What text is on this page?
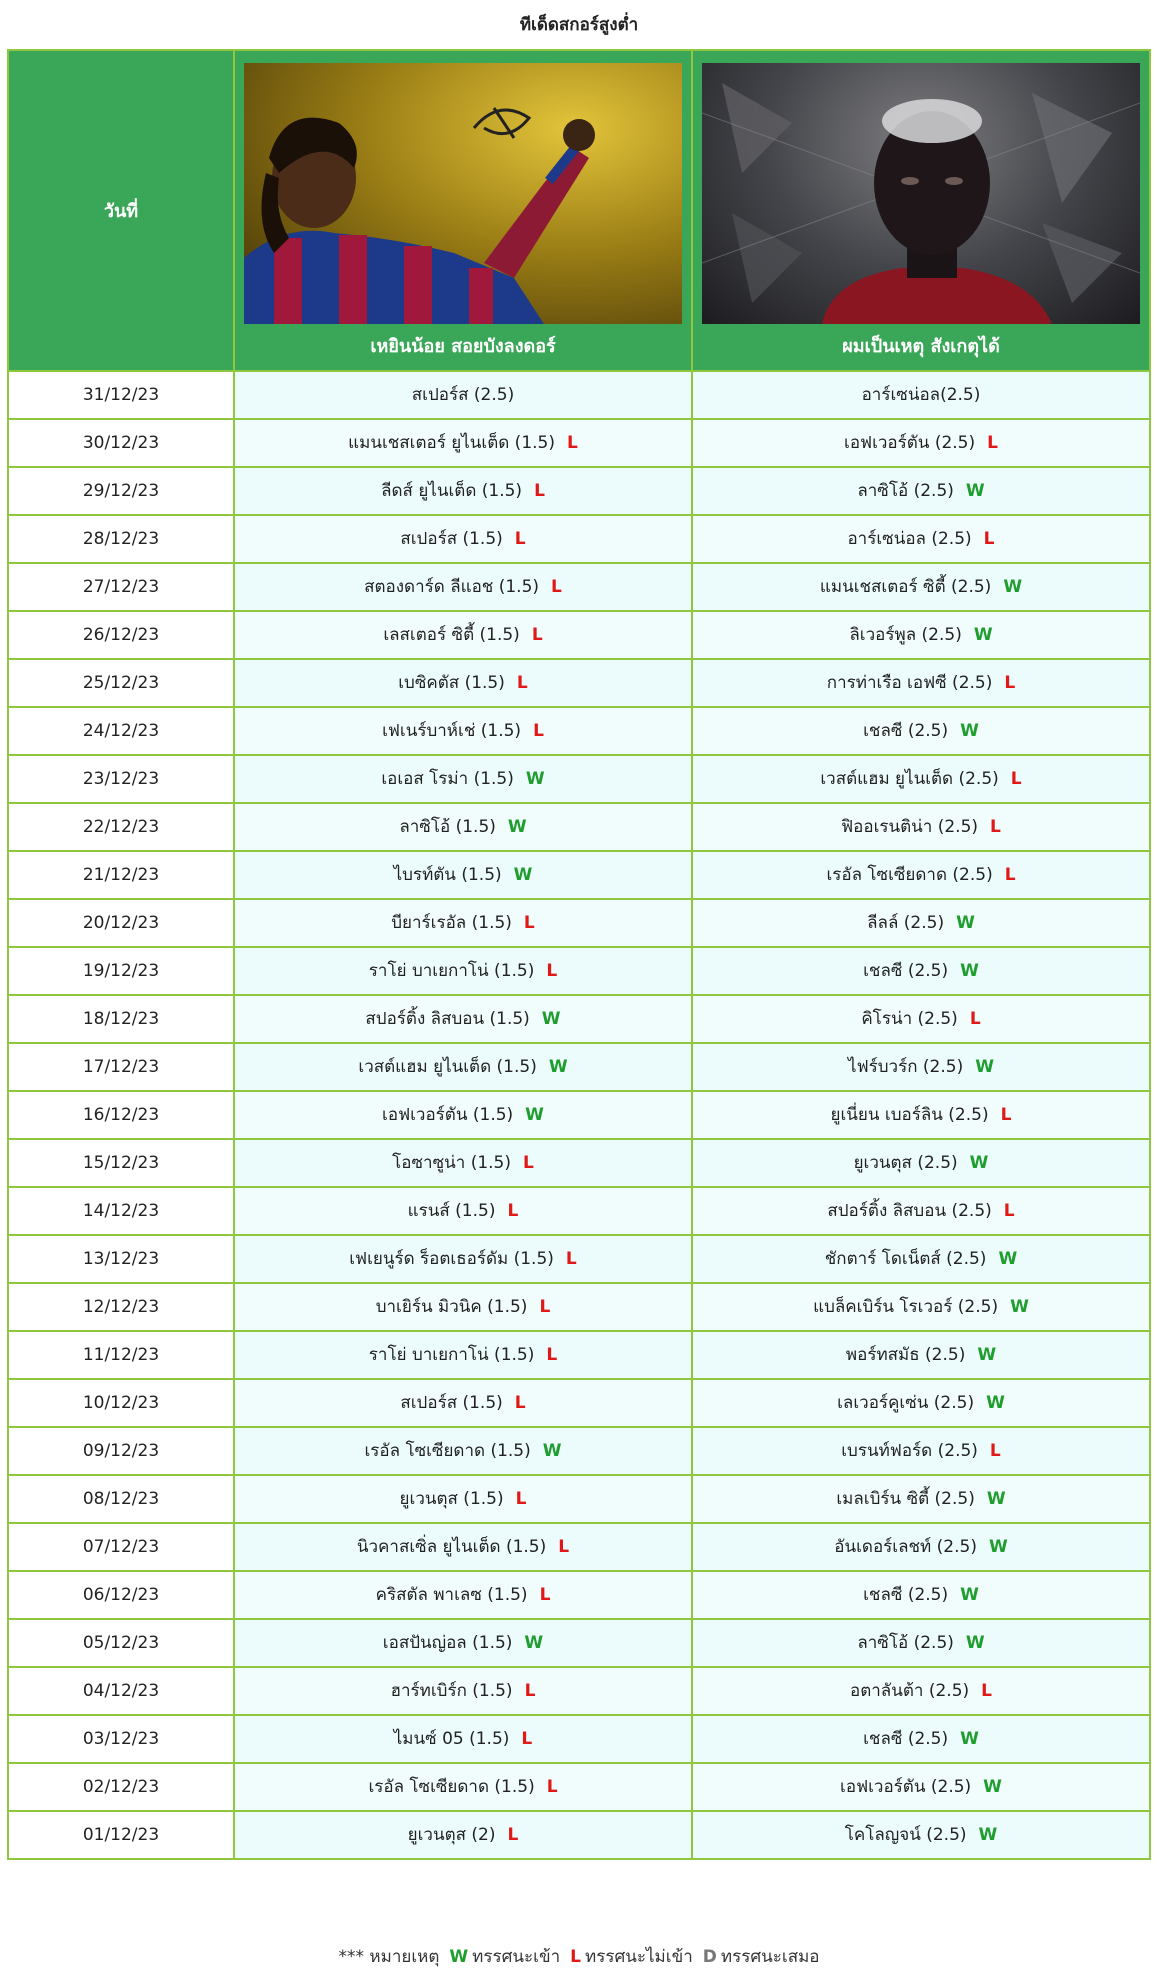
ทีเด็ดสกอร์สูงต่ำ
วันที่	เหยินน้อย สอยบังลงดอร์	ผมเป็นเหตุ สังเกตุได้

31/12/23	สเปอร์ส (2.5)	อาร์เซน่อล(2.5)
30/12/23	แมนเชสเตอร์ ยูไนเต็ด (1.5) L	เอฟเวอร์ตัน (2.5) L
29/12/23	ลีดส์ ยูไนเต็ด (1.5) L	ลาซิโอ้ (2.5) W
28/12/23	สเปอร์ส (1.5) L	อาร์เซน่อล (2.5) L
27/12/23	สตองดาร์ด ลีแอช (1.5) L	แมนเชสเตอร์ ซิตี้ (2.5) W
26/12/23	เลสเตอร์ ซิตี้ (1.5) L	ลิเวอร์พูล (2.5) W
25/12/23	เบซิคตัส (1.5) L	การท่าเรือ เอฟซี (2.5) L
24/12/23	เฟเนร์บาห์เช่ (1.5) L	เชลซี (2.5) W
23/12/23	เอเอส โรม่า (1.5) W	เวสต์แฮม ยูไนเต็ด (2.5) L
22/12/23	ลาซิโอ้ (1.5) W	ฟิออเรนติน่า (2.5) L
21/12/23	ไบรท์ตัน (1.5) W	เรอัล โซเซียดาด (2.5) L
20/12/23	บียาร์เรอัล (1.5) L	ลีลล์ (2.5) W
19/12/23	ราโย่ บาเยกาโน่ (1.5) L	เชลซี (2.5) W
18/12/23	สปอร์ติ้ง ลิสบอน (1.5) W	คิโรน่า (2.5) L
17/12/23	เวสต์แฮม ยูไนเต็ด (1.5) W	ไฟร์บวร์ก (2.5) W
16/12/23	เอฟเวอร์ตัน (1.5) W	ยูเนี่ยน เบอร์ลิน (2.5) L
15/12/23	โอซาซูน่า (1.5) L	ยูเวนตุส (2.5) W
14/12/23	แรนส์ (1.5) L	สปอร์ติ้ง ลิสบอน (2.5) L
13/12/23	เฟเยนูร์ด ร็อตเธอร์ดัม (1.5) L	ชักตาร์ โดเน็ตส์ (2.5) W
12/12/23	บาเยิร์น มิวนิค (1.5) L	แบล็คเบิร์น โรเวอร์ (2.5) W
11/12/23	ราโย่ บาเยกาโน่ (1.5) L	พอร์ทสมัธ (2.5) W
10/12/23	สเปอร์ส (1.5) L	เลเวอร์คูเซ่น (2.5) W
09/12/23	เรอัล โซเซียดาด (1.5) W	เบรนท์ฟอร์ด (2.5) L
08/12/23	ยูเวนตุส (1.5) L	เมลเบิร์น ซิตี้ (2.5) W
07/12/23	นิวคาสเซิ่ล ยูไนเต็ด (1.5) L	อันเดอร์เลชท์ (2.5) W
06/12/23	คริสตัล พาเลซ (1.5) L	เชลซี (2.5) W
05/12/23	เอสปันญ่อล (1.5) W	ลาซิโอ้ (2.5) W
04/12/23	ฮาร์ทเบิร์ก (1.5) L	อตาลันต้า (2.5) L
03/12/23	ไมนซ์ 05 (1.5) L	เชลซี (2.5) W
02/12/23	เรอัล โซเซียดาด (1.5) L	เอฟเวอร์ตัน (2.5) W
01/12/23	ยูเวนตุส (2) L	โคโลญจน์ (2.5) W
*** หมายเหตุ W ทรรศนะเข้า L ทรรศนะไม่เข้า D ทรรศนะเสมอ
